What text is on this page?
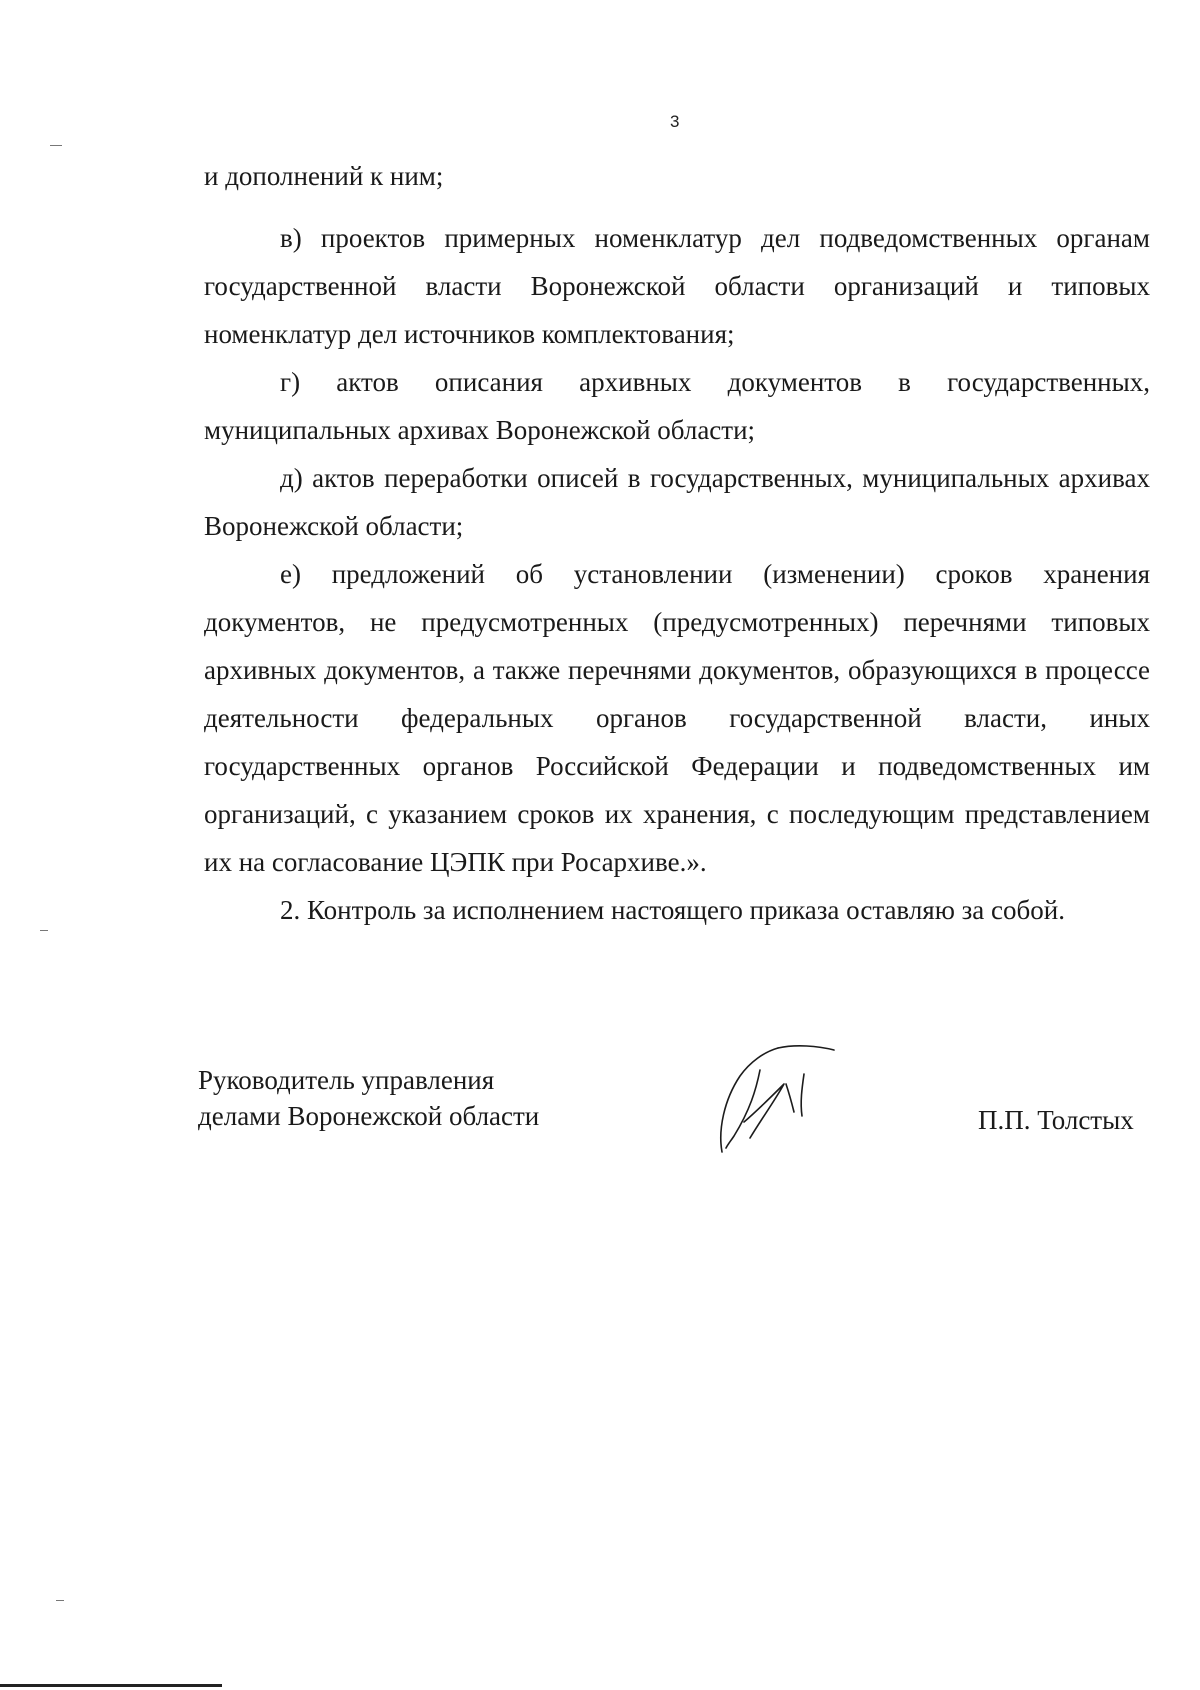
3

и дополнений к ним;

в) проектов примерных номенклатур дел подведомственных органам государственной власти Воронежской области организаций и типовых номенклатур дел источников комплектования;

г) актов описания архивных документов в государственных, муниципальных архивах Воронежской области;

д) актов переработки описей в государственных, муниципальных архивах Воронежской области;

е) предложений об установлении (изменении) сроков хранения документов, не предусмотренных (предусмотренных) перечнями типовых архивных документов, а также перечнями документов, образующихся в процессе деятельности федеральных органов государственной власти, иных государственных органов Российской Федерации и подведомственных им организаций, с указанием сроков их хранения, с последующим представлением их на согласование ЦЭПК при Росархиве.».

2. Контроль за исполнением настоящего приказа оставляю за собой.

Руководитель управления
делами Воронежской области	П.П. Толстых
